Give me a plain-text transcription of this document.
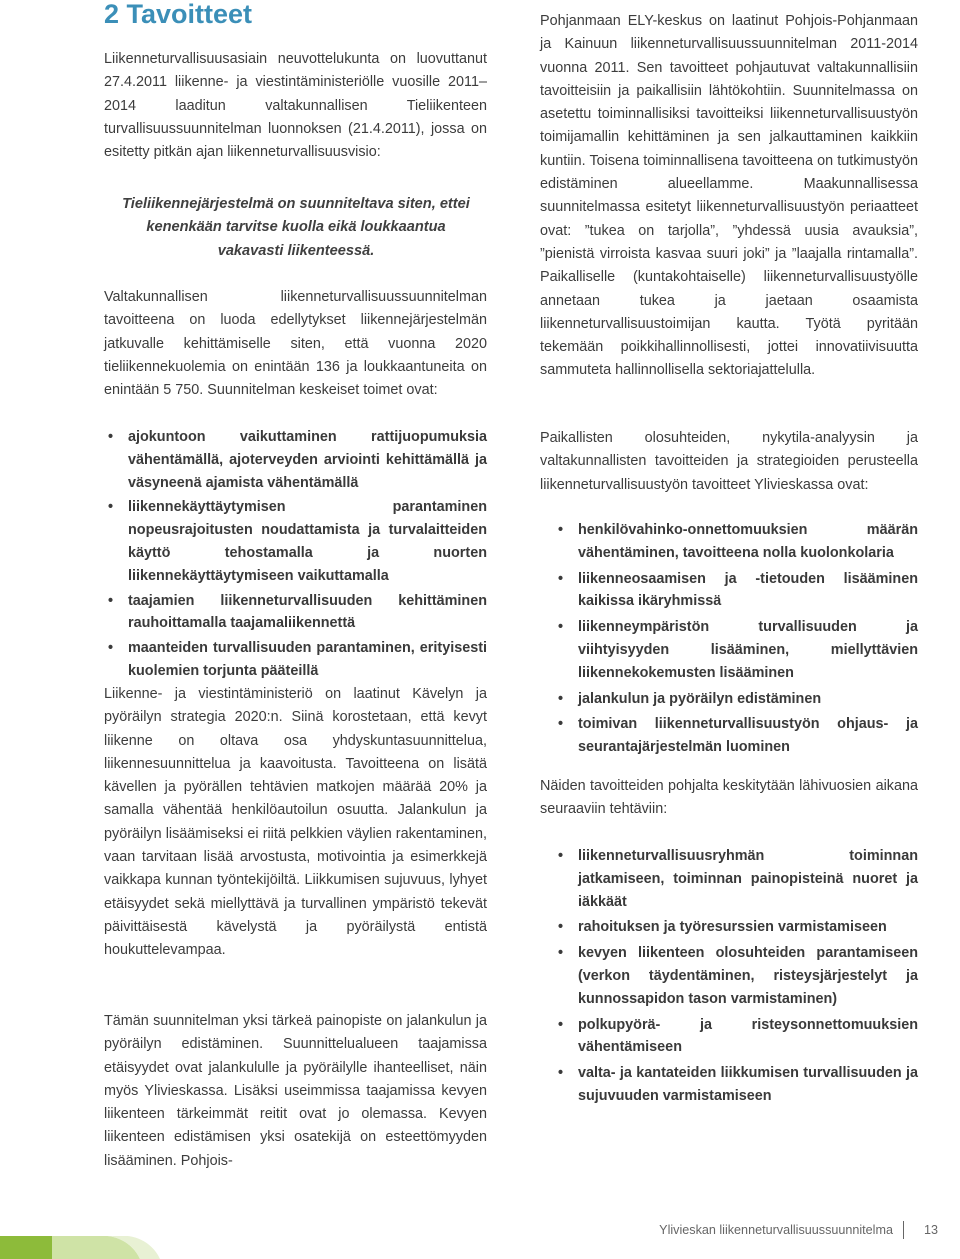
2 Tavoitteet

Liikenneturvallisuusasiain neuvottelukunta on luovuttanut 27.4.2011 liikenne- ja viestintäministeriölle vuosille 2011–2014 laaditun valtakunnallisen Tieliikenteen turvallisuussuunnitelman luonnoksen (21.4.2011), jossa on esitetty pitkän ajan liikenneturvallisuusvisio:

Tieliikennejärjestelmä on suunniteltava siten, ettei kenenkään tarvitse kuolla eikä loukkaantua vakavasti liikenteessä.

Valtakunnallisen liikenneturvallisuussuunnitelman tavoitteena on luoda edellytykset liikennejärjestelmän jatkuvalle kehittämiselle siten, että vuonna 2020 tieliikennekuolemia on enintään 136 ja loukkaantuneita on enintään 5 750. Suunnitelman keskeiset toimet ovat:

• ajokuntoon vaikuttaminen rattijuopumuksia vähentämällä, ajoterveyden arviointi kehittämällä ja väsyneenä ajamista vähentämällä
• liikennekäyttäytymisen parantaminen nopeusrajoitusten noudattamista ja turvalaitteiden käyttö tehostamalla ja nuorten liikennekäyttäytymiseen vaikuttamalla
• taajamien liikenneturvallisuuden kehittäminen rauhoittamalla taajamaliikennettä
• maanteiden turvallisuuden parantaminen, erityisesti kuolemien torjunta pääteillä

Liikenne- ja viestintäministeriö on laatinut Kävelyn ja pyöräilyn strategia 2020:n. Siinä korostetaan, että kevyt liikenne on oltava osa yhdyskuntasuunnittelua, liikennesuunnittelua ja kaavoitusta. Tavoitteena on lisätä kävellen ja pyörällen tehtävien matkojen määrää 20% ja samalla vähentää henkilöautoilun osuutta. Jalankulun ja pyöräilyn lisäämiseksi ei riitä pelkkien väylien rakentaminen, vaan tarvitaan lisää arvostusta, motivointia ja esimerkkejä vaikkapa kunnan työntekijöiltä. Liikkumisen sujuvuus, lyhyet etäisyydet sekä miellyttävä ja turvallinen ympäristö tekevät päivittäisestä kävelystä ja pyöräilystä entistä houkuttelevampaa.

Tämän suunnitelman yksi tärkeä painopiste on jalankulun ja pyöräilyn edistäminen. Suunnittelualueen taajamissa etäisyydet ovat jalankululle ja pyöräilylle ihanteelliset, näin myös Ylivieskassa. Lisäksi useimmissa taajamissa kevyen liikenteen tärkeimmät reitit ovat jo olemassa. Kevyen liikenteen edistämisen yksi osatekijä on esteettömyyden lisääminen. Pohjois-

Pohjanmaan ELY-keskus on laatinut Pohjois-Pohjanmaan ja Kainuun liikenneturvallisuussuunnitelman 2011-2014 vuonna 2011. Sen tavoitteet pohjautuvat valtakunnallisiin tavoitteisiin ja paikallisiin lähtökohtiin. Suunnitelmassa on asetettu toiminnallisiksi tavoitteiksi liikenneturvallisuustyön toimijamallin kehittäminen ja sen jalkauttaminen kaikkiin kuntiin. Toisena toiminnallisena tavoitteena on tutkimustyön edistäminen alueellamme. Maakunnallisessa suunnitelmassa esitetyt liikenneturvallisuustyön periaatteet ovat: ”tukea on tarjolla”, ”yhdessä uusia avauksia”, ”pienistä virroista kasvaa suuri joki” ja ”laajalla rintamalla”. Paikalliselle (kuntakohtaiselle) liikenneturvallisuustyölle annetaan tukea ja jaetaan osaamista liikenneturvallisuustoimijan kautta. Työtä pyritään tekemään poikkihallinnollisesti, jottei innovatiivisuutta sammuteta hallinnollisella sektoriajattelulla.

Paikallisten olosuhteiden, nykytila-analyysin ja valtakunnallisten tavoitteiden ja strategioiden perusteella liikenneturvallisuustyön tavoitteet Ylivieskassa ovat:

• henkilövahinko-onnettomuuksien määrän vähentäminen, tavoitteena nolla kuolonkolaria
• liikenneosaamisen ja -tietouden lisääminen kaikissa ikäryhmissä
• liikenneympäristön turvallisuuden ja viihtyisyyden lisääminen, miellyttävien liikennekokemusten lisääminen
• jalankulun ja pyöräilyn edistäminen
• toimivan liikenneturvallisuustyön ohjaus- ja seurantajärjestelmän luominen

Näiden tavoitteiden pohjalta keskitytään lähivuosien aikana seuraaviin tehtäviin:

• liikenneturvallisuusryhmän toiminnan jatkamiseen, toiminnan painopisteinä nuoret ja iäkkäät
• rahoituksen ja työresurssien varmistamiseen
• kevyen liikenteen olosuhteiden parantamiseen (verkon täydentäminen, risteysjärjestelyt ja kunnossapidon tason varmistaminen)
• polkupyörä- ja risteysonnettomuuksien vähentämiseen
• valta- ja kantateiden liikkumisen turvallisuuden ja sujuvuuden varmistamiseen
Ylivieskan liikenneturvallisuussuunnitelma 13
